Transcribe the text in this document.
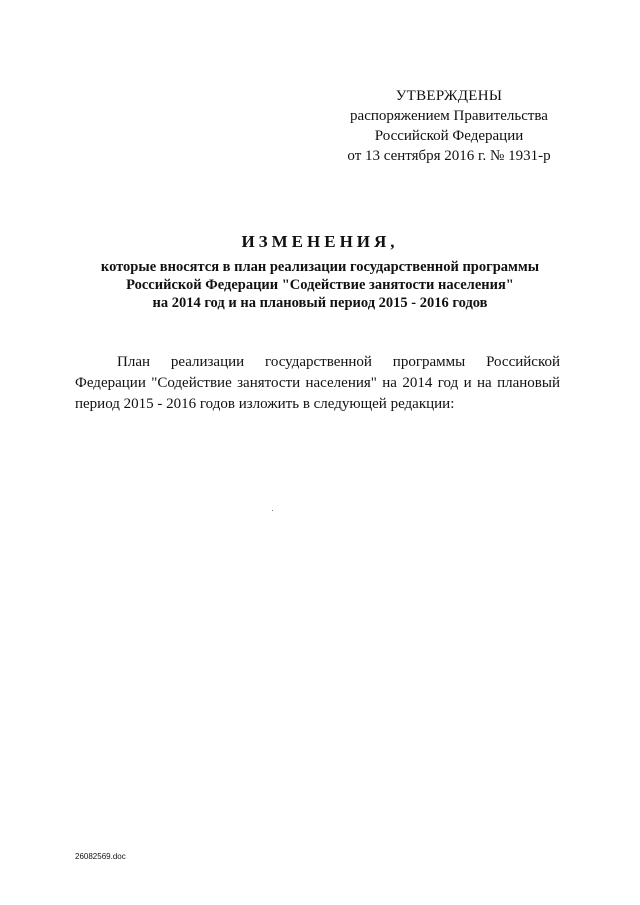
УТВЕРЖДЕНЫ
распоряжением Правительства
Российской Федерации
от 13 сентября 2016 г. № 1931-р
ИЗМЕНЕНИЯ,
которые вносятся в план реализации государственной программы
Российской Федерации "Содействие занятости населения"
на 2014 год и на плановый период 2015 - 2016 годов

План реализации государственной программы Российской Федерации "Содействие занятости населения" на 2014 год и на плановый период 2015 - 2016 годов изложить в следующей редакции:

26082569.doc
